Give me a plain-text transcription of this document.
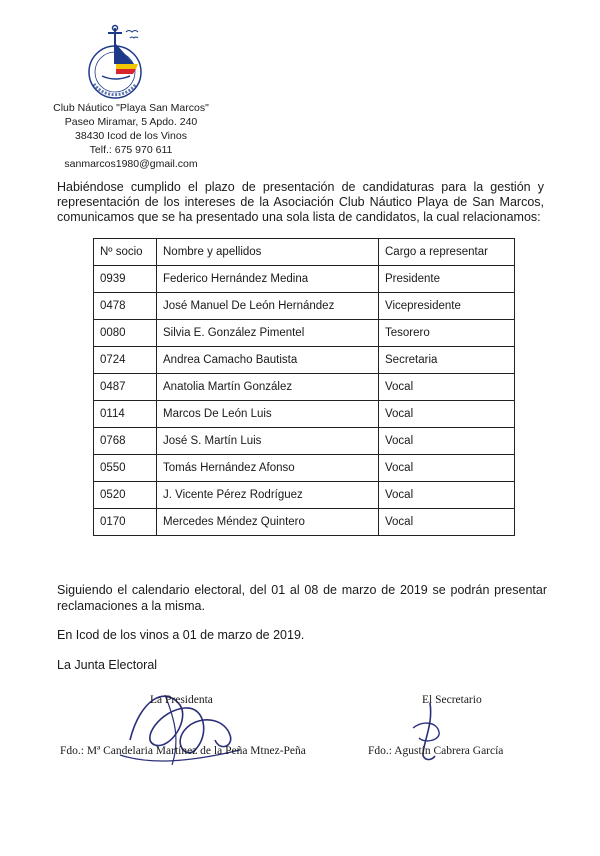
Club Náutico "Playa San Marcos"
Paseo Miramar, 5 Apdo. 240
38430 Icod de los Vinos
Telf.: 675 970 611
sanmarcos1980@gmail.com

Habiéndose cumplido el plazo de presentación de candidaturas para la gestión y
representación de los intereses de la Asociación Club Náutico Playa de San Marcos,
comunicamos que se ha presentado una sola lista de candidatos, la cual relacionamos:

Nº socio	Nombre y apellidos	Cargo a representar
0939	Federico Hernández Medina	Presidente
0478	José Manuel De León Hernández	Vicepresidente
0080	Silvia E. González Pimentel	Tesorero
0724	Andrea Camacho Bautista	Secretaria
0487	Anatolia Martín González	Vocal
0114	Marcos De León Luis	Vocal
0768	José S. Martín Luis	Vocal
0550	Tomás Hernández Afonso	Vocal
0520	J. Vicente Pérez Rodríguez	Vocal
0170	Mercedes Méndez Quintero	Vocal

Siguiendo el calendario electoral, del 01 al 08 de marzo de 2019 se podrán presentar
reclamaciones a la misma.

En Icod de los vinos a 01 de marzo de 2019.

La Junta Electoral

La Presidenta	El Secretario
Fdo.: Mª Candelaria Martínez de la Peña Mtnez-Peña	Fdo.: Agustín Cabrera García
